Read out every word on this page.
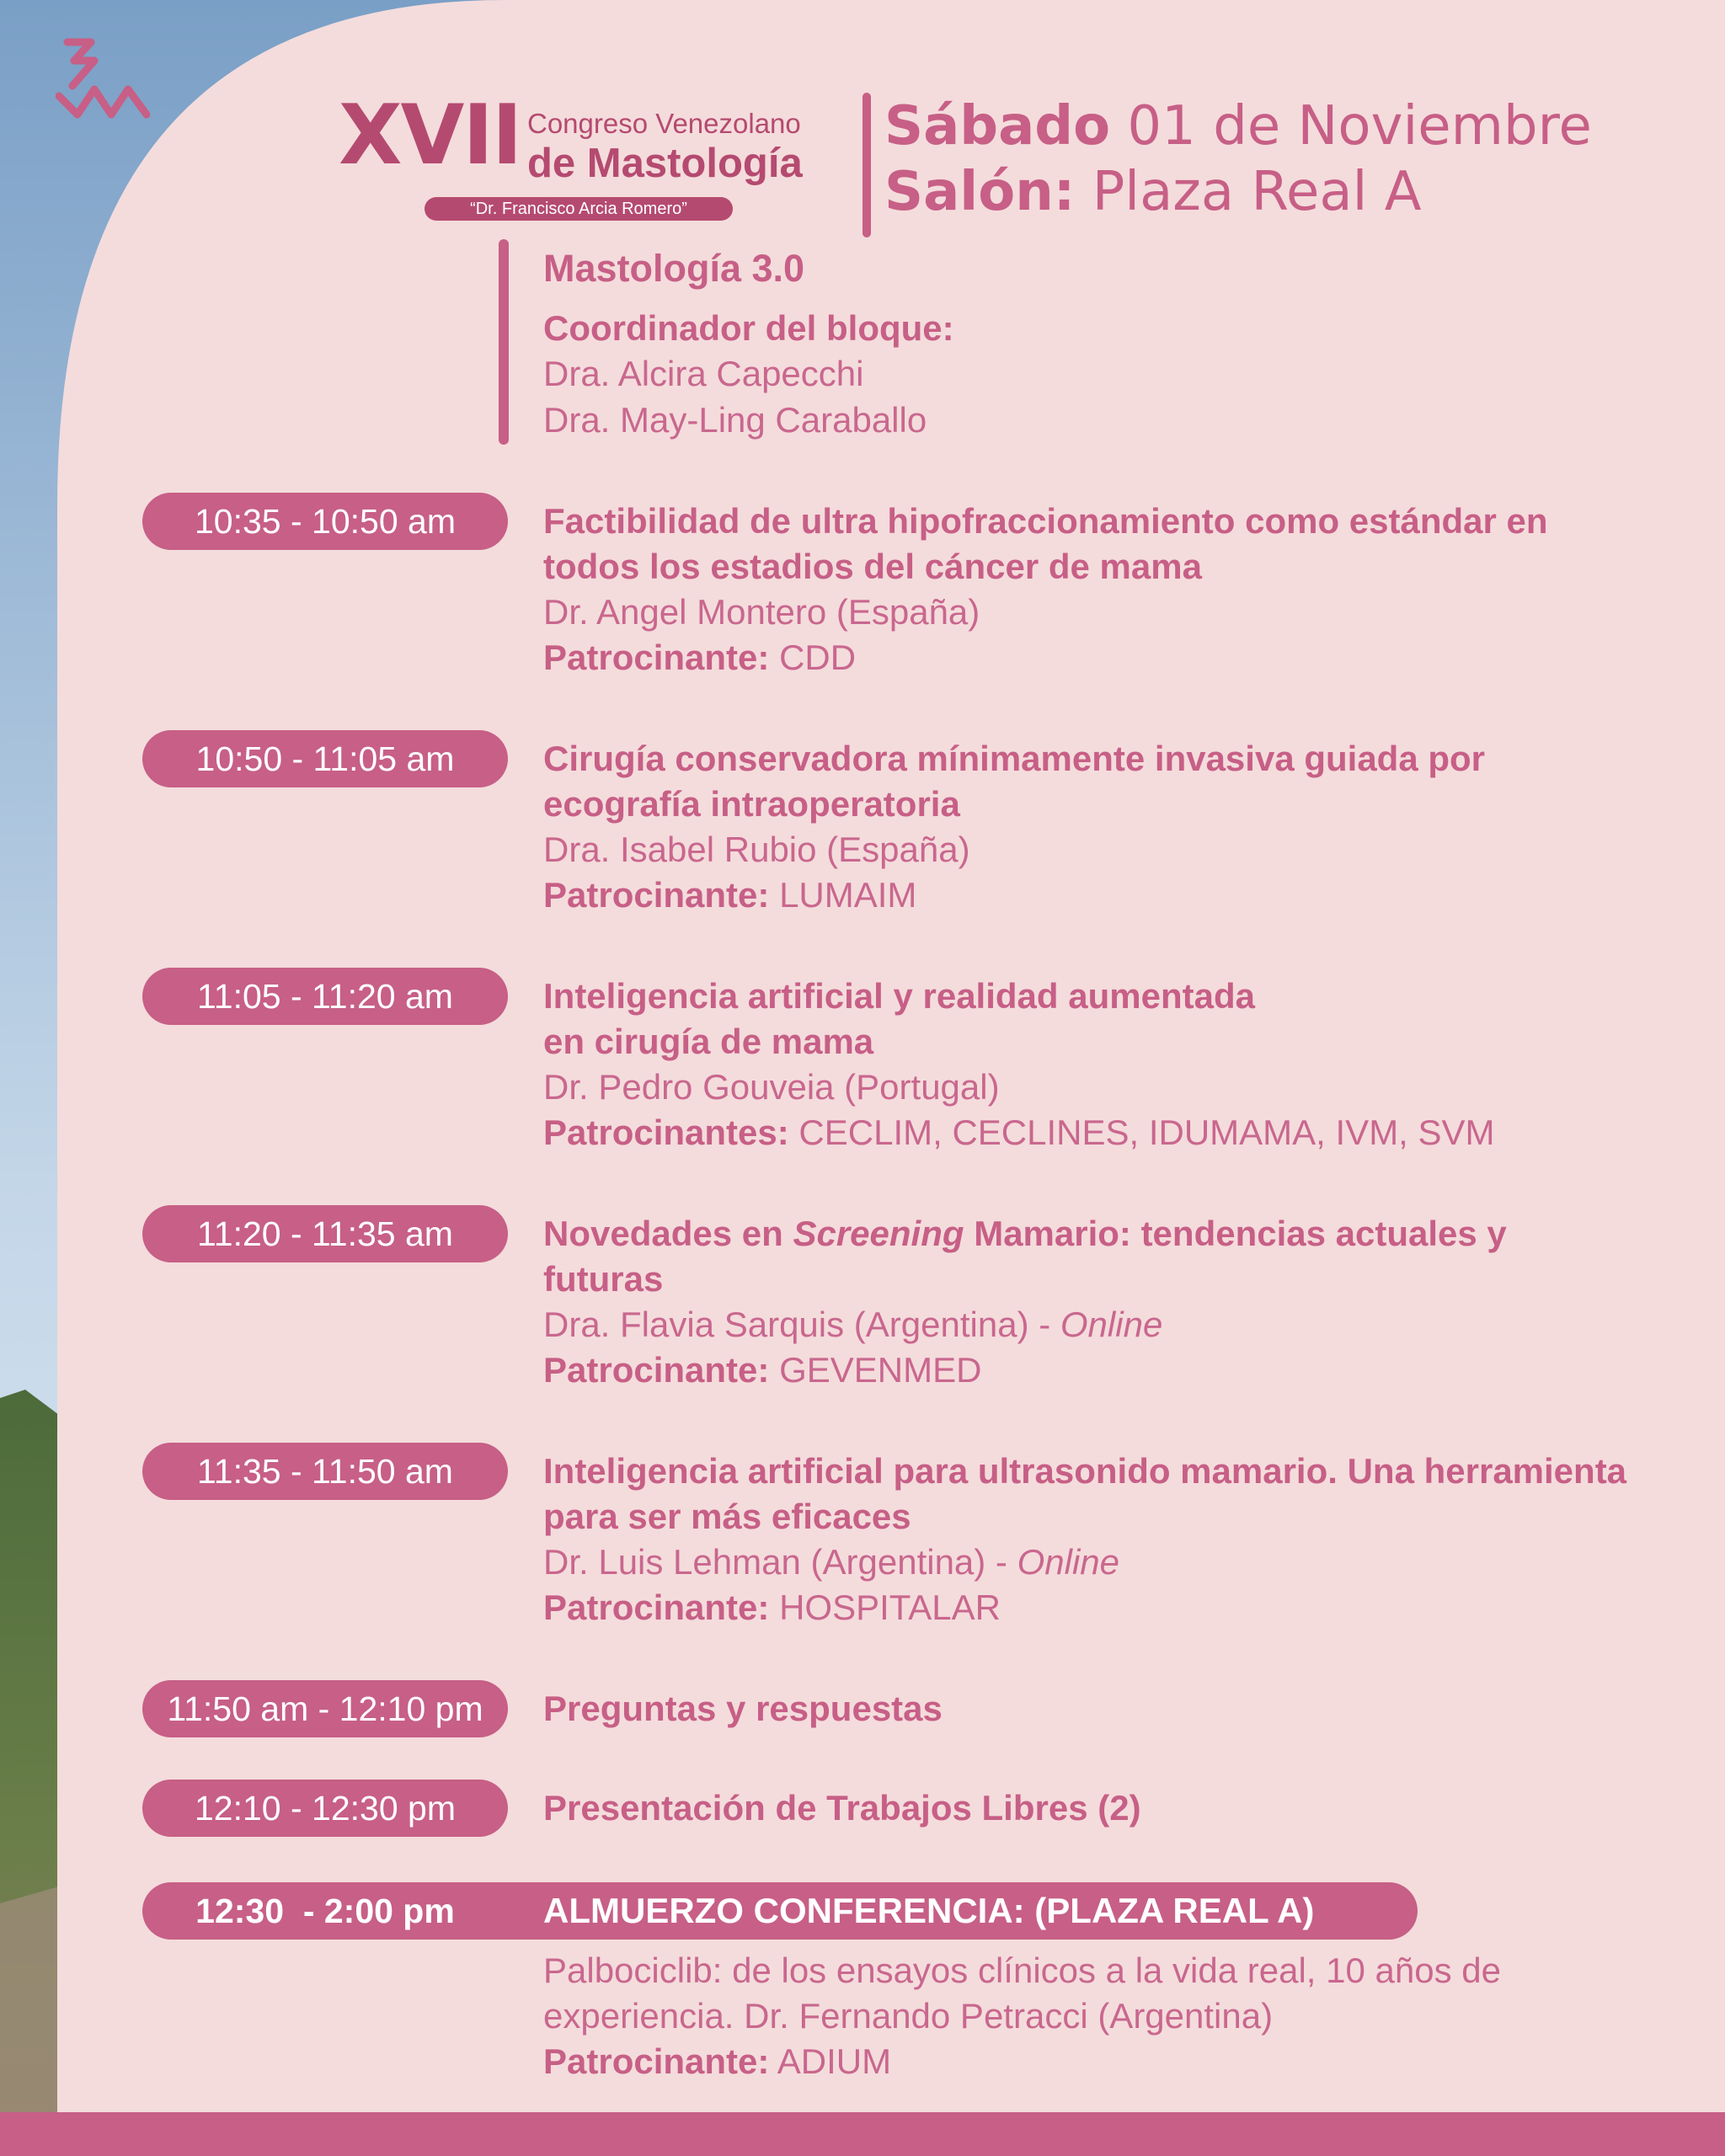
XVII Congreso Venezolano
de Mastología
“Dr. Francisco Arcia Romero”
Sábado 01 de Noviembre
Salón: Plaza Real A
Mastología 3.0
Coordinador del bloque:
Dra. Alcira Capecchi
Dra. May-Ling Caraballo
10:35 - 10:50 am	Factibilidad de ultra hipofraccionamiento como estándar en todos los estadios del cáncer de mama
Dr. Angel Montero (España)
Patrocinante: CDD
10:50 - 11:05 am	Cirugía conservadora mínimamente invasiva guiada por ecografía intraoperatoria
Dra. Isabel Rubio (España)
Patrocinante: LUMAIM
11:05 - 11:20 am	Inteligencia artificial y realidad aumentada
en cirugía de mama
Dr. Pedro Gouveia (Portugal)
Patrocinantes: CECLIM, CECLINES, IDUMAMA, IVM, SVM
11:20 - 11:35 am	Novedades en Screening Mamario: tendencias actuales y futuras
Dra. Flavia Sarquis (Argentina) - Online
Patrocinante: GEVENMED
11:35 - 11:50 am	Inteligencia artificial para ultrasonido mamario. Una herramienta para ser más eficaces
Dr. Luis Lehman (Argentina) - Online
Patrocinante: HOSPITALAR
11:50 am - 12:10 pm	Preguntas y respuestas
12:10 - 12:30 pm	Presentación de Trabajos Libres (2)
12:30  - 2:00 pm	ALMUERZO CONFERENCIA: (PLAZA REAL A)
Palbociclib: de los ensayos clínicos a la vida real, 10 años de experiencia. Dr. Fernando Petracci (Argentina)
Patrocinante: ADIUM
